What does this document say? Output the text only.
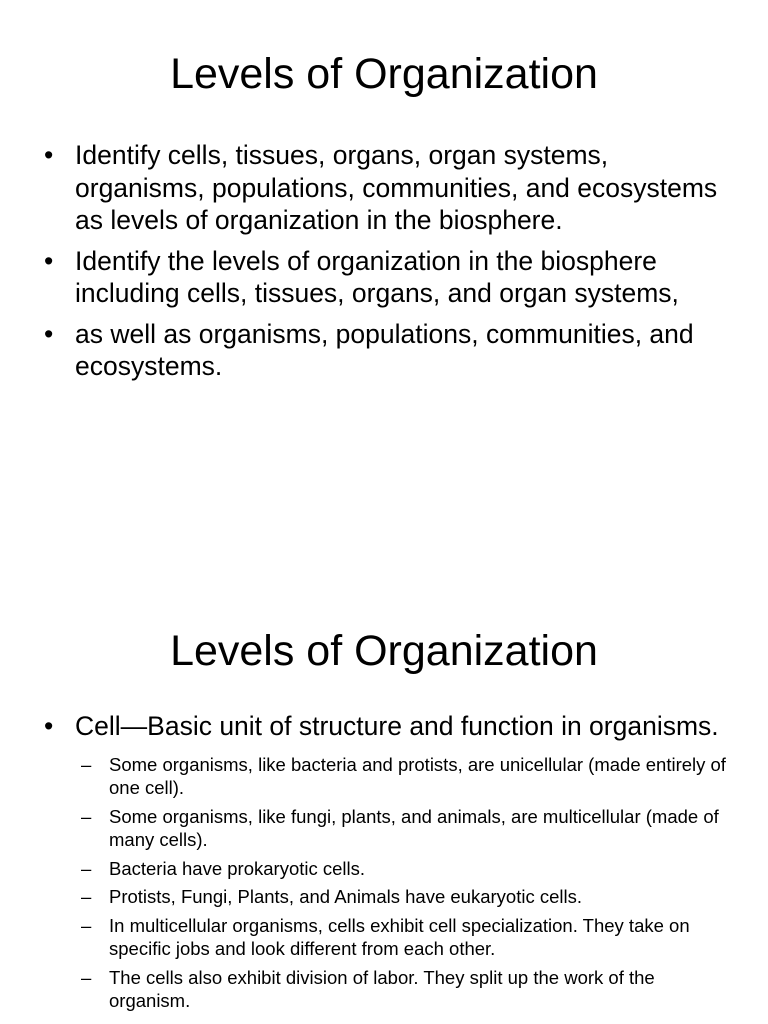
Levels of Organization
• Identify cells, tissues, organs, organ systems, organisms, populations, communities, and ecosystems as levels of organization in the biosphere.
• Identify the levels of organization in the biosphere including cells, tissues, organs, and organ systems,
• as well as organisms, populations, communities, and ecosystems.
Levels of Organization
• Cell—Basic unit of structure and function in organisms.
– Some organisms, like bacteria and protists, are unicellular (made entirely of one cell).
– Some organisms, like fungi, plants, and animals, are multicellular (made of many cells).
– Bacteria have prokaryotic cells.
– Protists, Fungi, Plants, and Animals have eukaryotic cells.
– In multicellular organisms, cells exhibit cell specialization. They take on specific jobs and look different from each other.
– The cells also exhibit division of labor. They split up the work of the organism.
